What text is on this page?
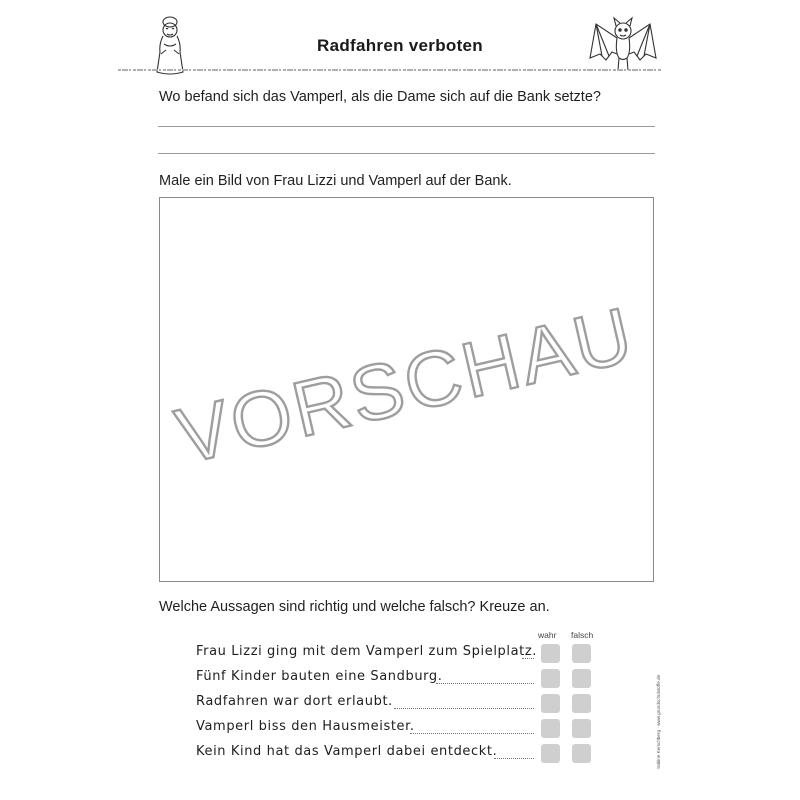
Radfahren verboten
Wo befand sich das Vamperl, als die Dame sich auf die Bank setzte?
Male ein Bild von Frau Lizzi und Vamperl auf der Bank.
VORSCHAU
Welche Aussagen sind richtig und welche falsch? Kreuze an.
wahr falsch
Frau Lizzi ging mit dem Vamperl zum Spielplatz.
Fünf Kinder bauten eine Sandburg.
Radfahren war dort erlaubt.
Vamperl biss den Hausmeister.
Kein Kind hat das Vamperl dabei entdeckt.	Sabine Kerschberg · www.grundschulstoffe.de
